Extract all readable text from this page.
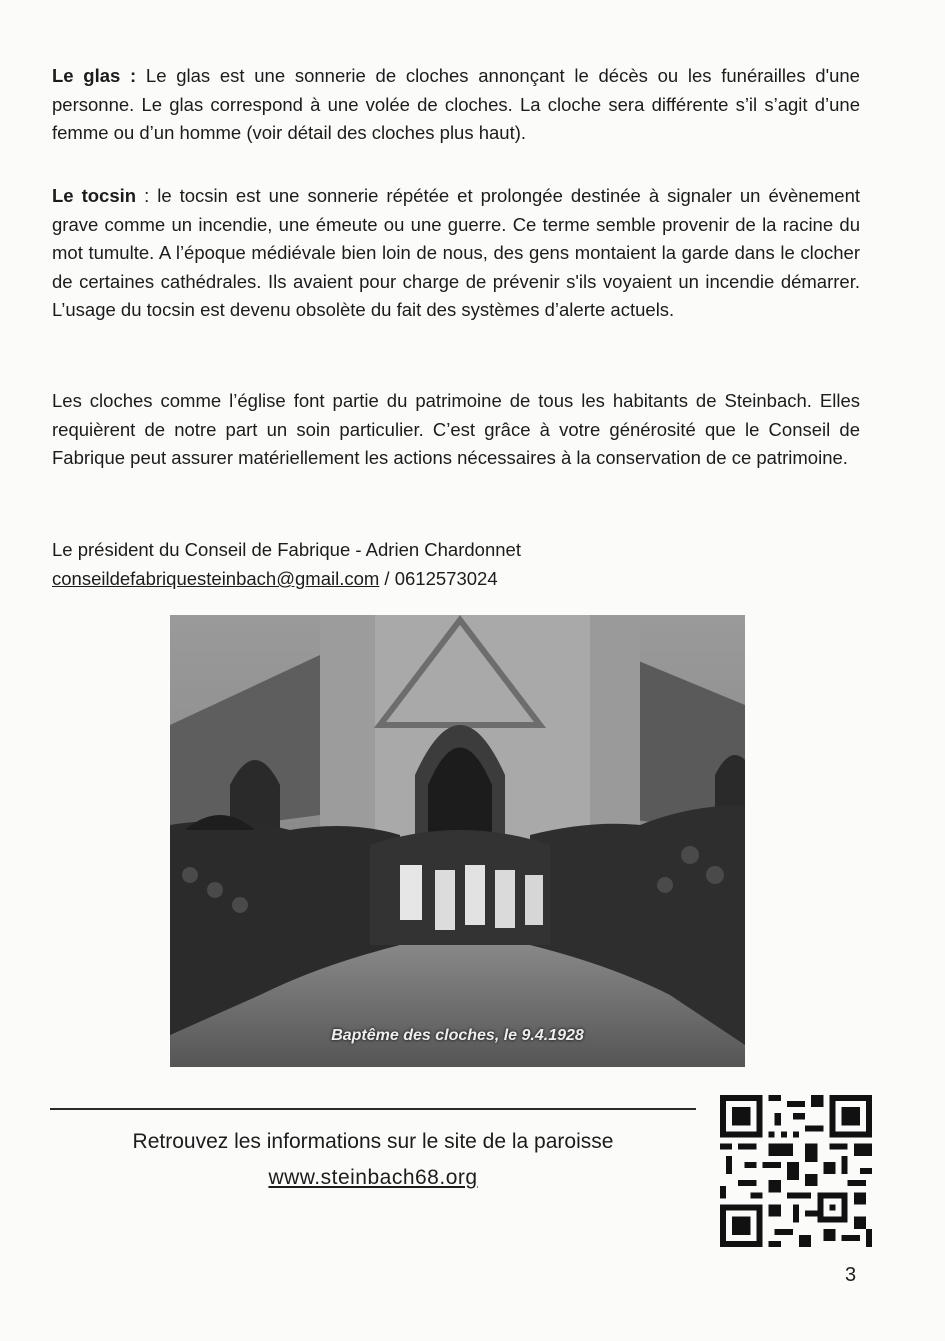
Le glas : Le glas est une sonnerie de cloches annonçant le décès ou les funérailles d'une personne. Le glas correspond à une volée de cloches. La cloche sera différente s’il s’agit d’une femme ou d’un homme (voir détail des cloches plus haut).

Le tocsin : le tocsin est une sonnerie répétée et prolongée destinée à signaler un évènement grave comme un incendie, une émeute ou une guerre. Ce terme semble provenir de la racine du mot tumulte. A l’époque médiévale bien loin de nous, des gens montaient la garde dans le clocher de certaines cathédrales. Ils avaient pour charge de prévenir s'ils voyaient un incendie démarrer. L’usage du tocsin est devenu obsolète du fait des systèmes d’alerte actuels.

Les cloches comme l’église font partie du patrimoine de tous les habitants de Steinbach. Elles requièrent de notre part un soin particulier. C’est grâce à votre générosité que le Conseil de Fabrique peut assurer matériellement les actions nécessaires à la conservation de ce patrimoine.

Le président du Conseil de Fabrique - Adrien Chardonnet
conseildefabriquesteinbach@gmail.com / 0612573024
Baptême des cloches, le 9.4.1928
Retrouvez les informations sur le site de la paroisse
www.steinbach68.org
3
